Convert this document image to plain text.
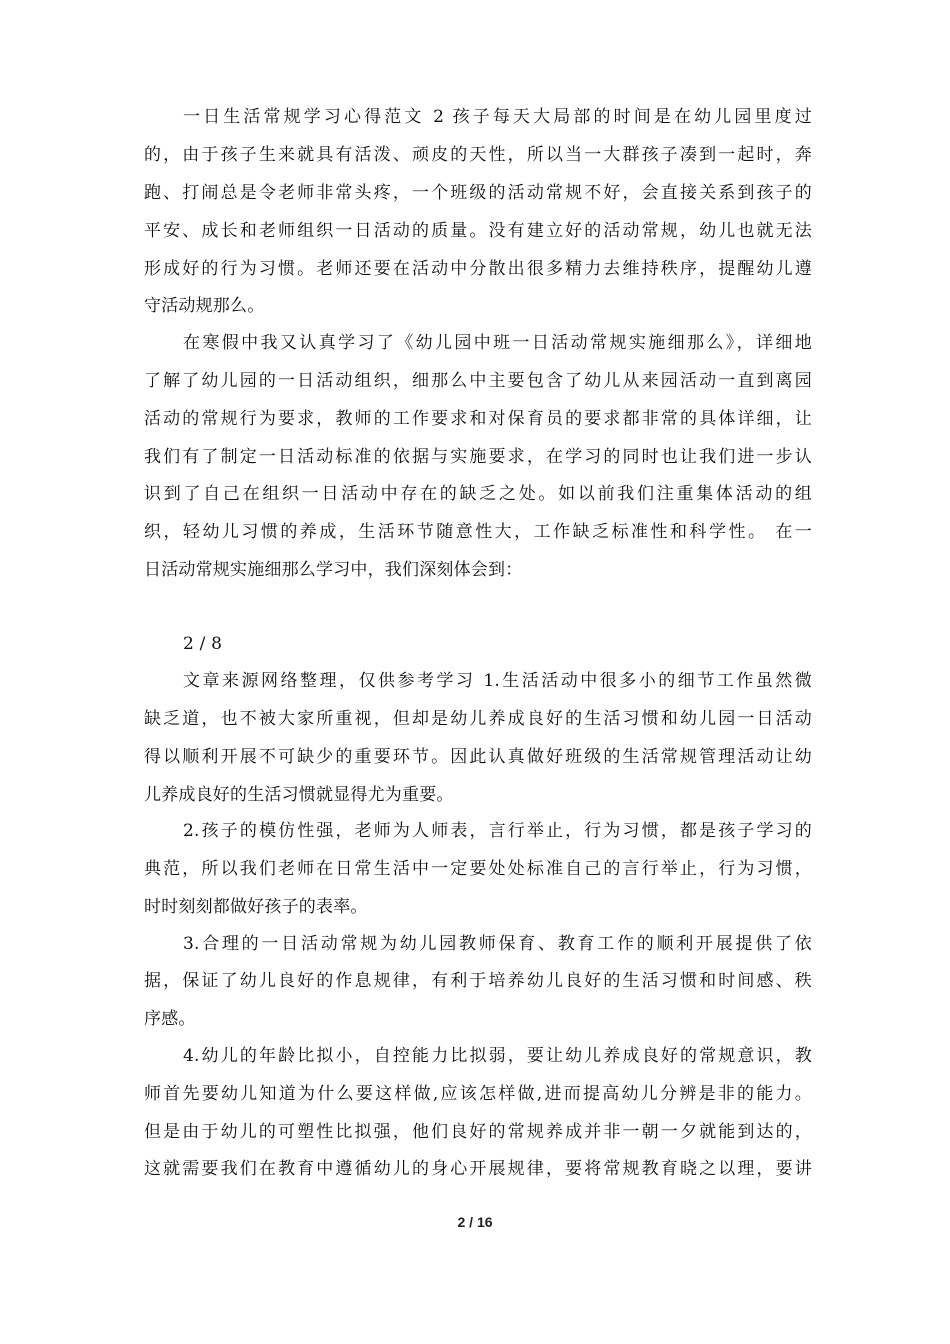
一日生活常规学习心得范文 2 孩子每天大局部的时间是在幼儿园里度过
的，由于孩子生来就具有活泼、顽皮的天性，所以当一大群孩子凑到一起时，奔
跑、打闹总是令老师非常头疼，一个班级的活动常规不好，会直接关系到孩子的
平安、成长和老师组织一日活动的质量。没有建立好的活动常规，幼儿也就无法
形成好的行为习惯。老师还要在活动中分散出很多精力去维持秩序，提醒幼儿遵
守活动规那么。
在寒假中我又认真学习了《幼儿园中班一日活动常规实施细那么》，详细地
了解了幼儿园的一日活动组织，细那么中主要包含了幼儿从来园活动一直到离园
活动的常规行为要求，教师的工作要求和对保育员的要求都非常的具体详细，让
我们有了制定一日活动标准的依据与实施要求，在学习的同时也让我们进一步认
识到了自己在组织一日活动中存在的缺乏之处。如以前我们注重集体活动的组
织，轻幼儿习惯的养成，生活环节随意性大，工作缺乏标准性和科学性。 在一
日活动常规实施细那么学习中，我们深刻体会到：
2 / 8
文章来源网络整理，仅供参考学习 1.生活活动中很多小的细节工作虽然微
缺乏道，也不被大家所重视，但却是幼儿养成良好的生活习惯和幼儿园一日活动
得以顺利开展不可缺少的重要环节。因此认真做好班级的生活常规管理活动让幼
儿养成良好的生活习惯就显得尤为重要。
2.孩子的模仿性强，老师为人师表，言行举止，行为习惯，都是孩子学习的
典范，所以我们老师在日常生活中一定要处处标准自己的言行举止，行为习惯，
时时刻刻都做好孩子的表率。
3.合理的一日活动常规为幼儿园教师保育、教育工作的顺利开展提供了依
据，保证了幼儿良好的作息规律，有利于培养幼儿良好的生活习惯和时间感、秩
序感。
4.幼儿的年龄比拟小，自控能力比拟弱，要让幼儿养成良好的常规意识，教
师首先要幼儿知道为什么要这样做,应该怎样做,进而提高幼儿分辨是非的能力。
但是由于幼儿的可塑性比拟强，他们良好的常规养成并非一朝一夕就能到达的，
这就需要我们在教育中遵循幼儿的身心开展规律，要将常规教育晓之以理，要讲
2 / 16
